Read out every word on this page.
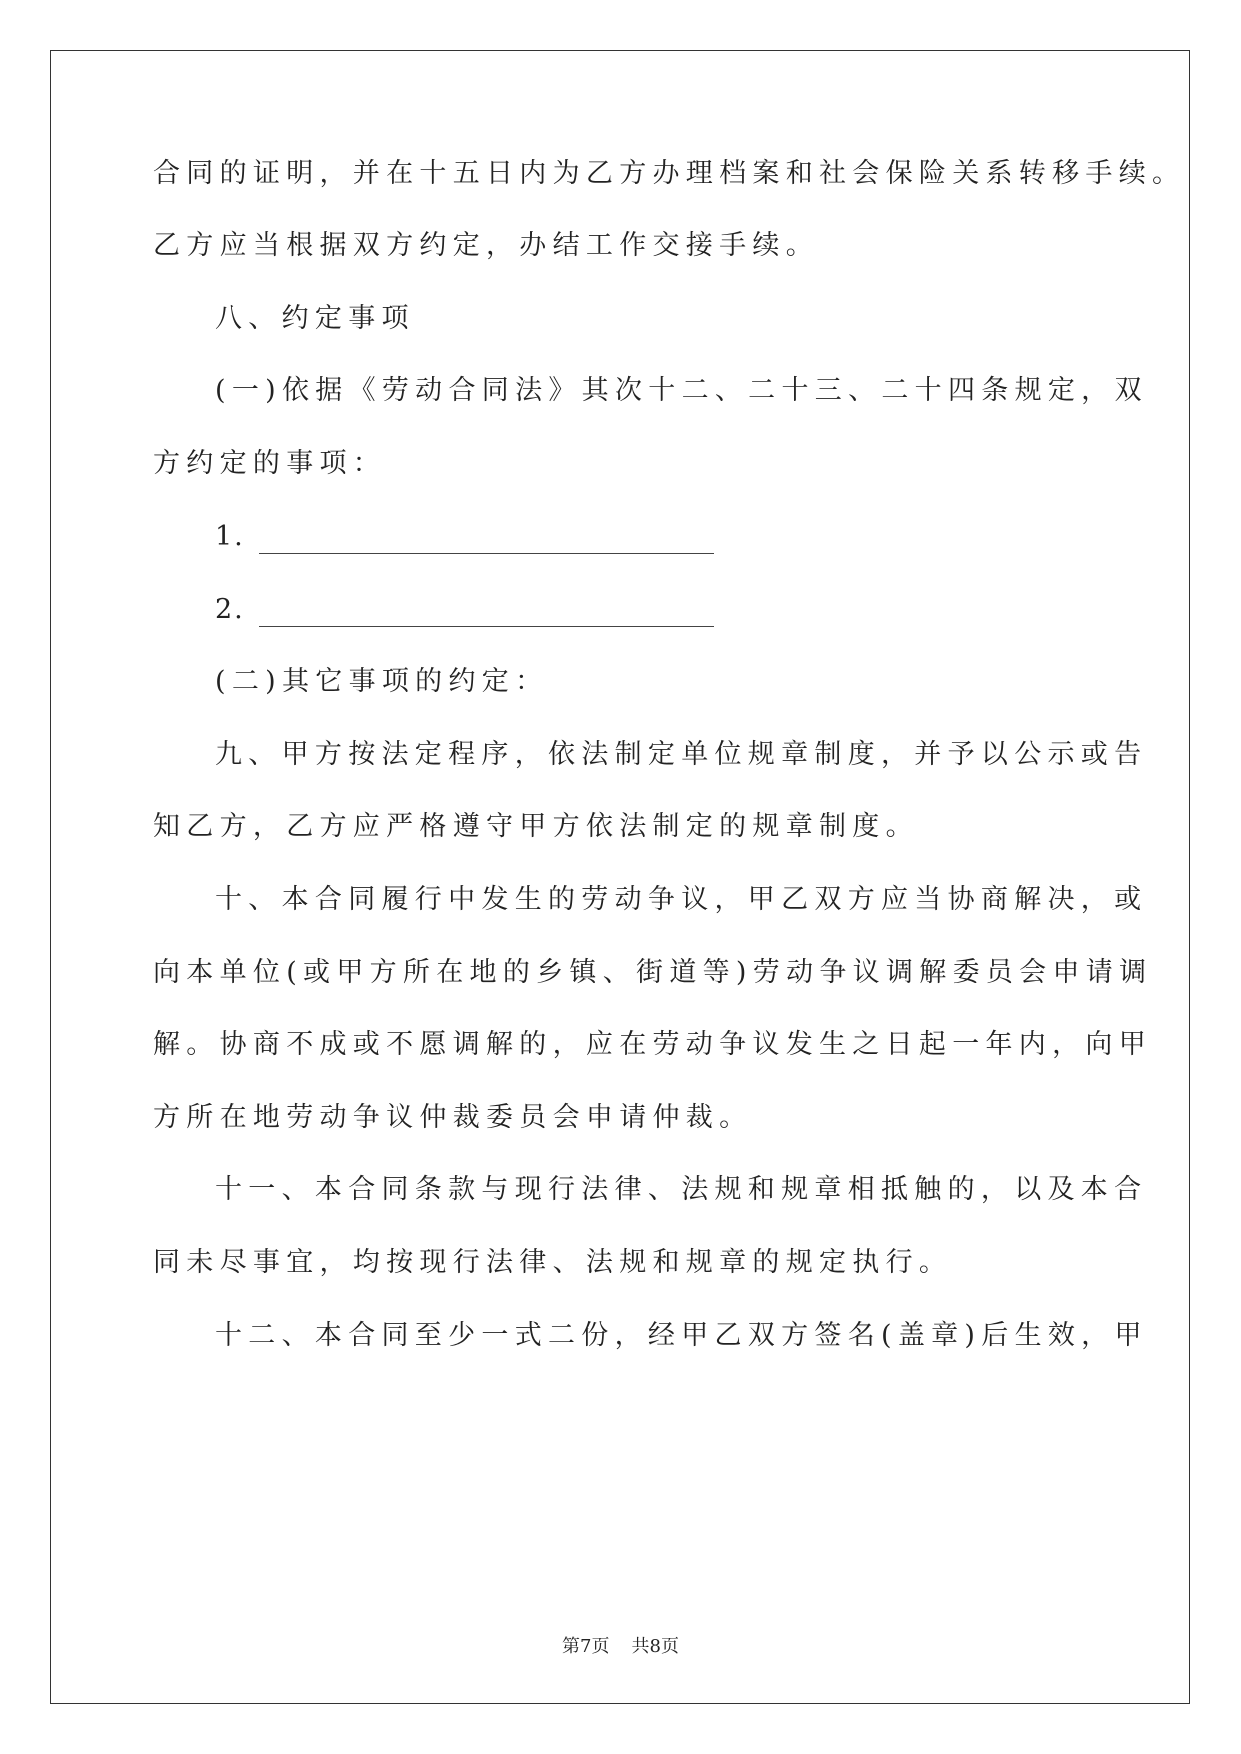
合同的证明，并在十五日内为乙方办理档案和社会保险关系转移手续。
乙方应当根据双方约定，办结工作交接手续。
八、约定事项
(一)依据《劳动合同法》其次十二、二十三、二十四条规定，双
方约定的事项：
1.
2.
(二)其它事项的约定：
九、甲方按法定程序，依法制定单位规章制度，并予以公示或告
知乙方，乙方应严格遵守甲方依法制定的规章制度。
十、本合同履行中发生的劳动争议，甲乙双方应当协商解决，或
向本单位(或甲方所在地的乡镇、街道等)劳动争议调解委员会申请调
解。协商不成或不愿调解的，应在劳动争议发生之日起一年内，向甲
方所在地劳动争议仲裁委员会申请仲裁。
十一、本合同条款与现行法律、法规和规章相抵触的，以及本合
同未尽事宜，均按现行法律、法规和规章的规定执行。
十二、本合同至少一式二份，经甲乙双方签名(盖章)后生效，甲
第7页 共8页
